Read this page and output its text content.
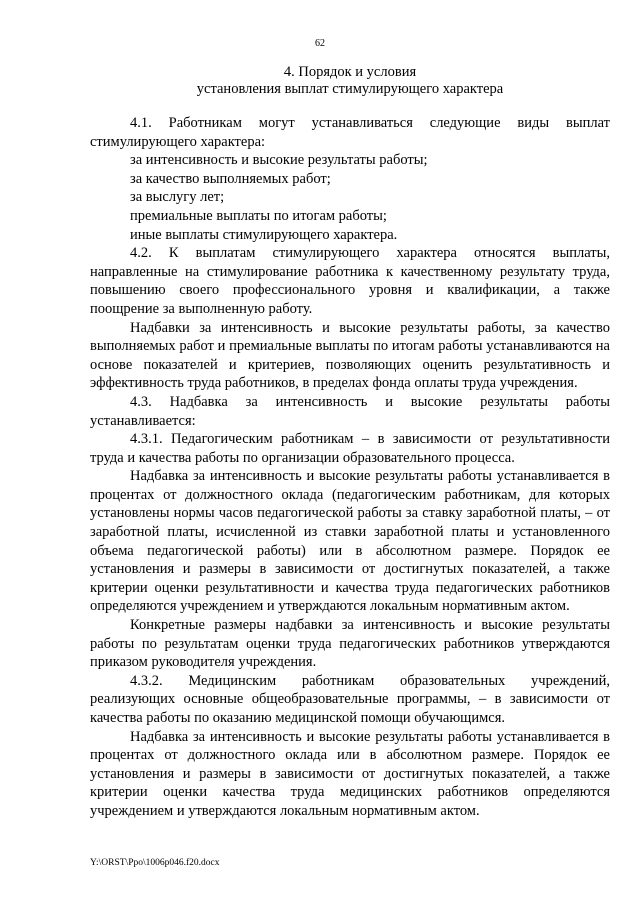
62
4. Порядок и условия
установления выплат стимулирующего характера

4.1. Работникам могут устанавливаться следующие виды выплат стимулирующего характера:

за интенсивность и высокие результаты работы;

за качество выполняемых работ;

за выслугу лет;

премиальные выплаты по итогам работы;

иные выплаты стимулирующего характера.

4.2. К выплатам стимулирующего характера относятся выплаты, направленные на стимулирование работника к качественному результату труда, повышению своего профессионального уровня и квалификации, а также поощрение за выполненную работу.

Надбавки за интенсивность и высокие результаты работы, за качество выполняемых работ и премиальные выплаты по итогам работы устанавливаются на основе показателей и критериев, позволяющих оценить результативность и эффективность труда работников, в пределах фонда оплаты труда учреждения.

4.3. Надбавка за интенсивность и высокие результаты работы устанавливается:

4.3.1. Педагогическим работникам – в зависимости от результативности труда и качества работы по организации образовательного процесса.

Надбавка за интенсивность и высокие результаты работы устанавливается в процентах от должностного оклада (педагогическим работникам, для которых установлены нормы часов педагогической работы за ставку заработной платы, – от заработной платы, исчисленной из ставки заработной платы и установленного объема педагогической работы) или в абсолютном размере. Порядок ее установления и размеры в зависимости от достигнутых показателей, а также критерии оценки результативности и качества труда педагогических работников определяются учреждением и утверждаются локальным нормативным актом.

Конкретные размеры надбавки за интенсивность и высокие результаты работы по результатам оценки труда педагогических работников утверждаются приказом руководителя учреждения.

4.3.2. Медицинским работникам образовательных учреждений, реализующих основные общеобразовательные программы, – в зависимости от качества работы по оказанию медицинской помощи обучающимся.

Надбавка за интенсивность и высокие результаты работы устанавливается в процентах от должностного оклада или в абсолютном размере. Порядок ее установления и размеры в зависимости от достигнутых показателей, а также критерии оценки качества труда медицинских работников определяются учреждением и утверждаются локальным нормативным актом.

Y:\ORST\Ppo\1006p046.f20.docx
